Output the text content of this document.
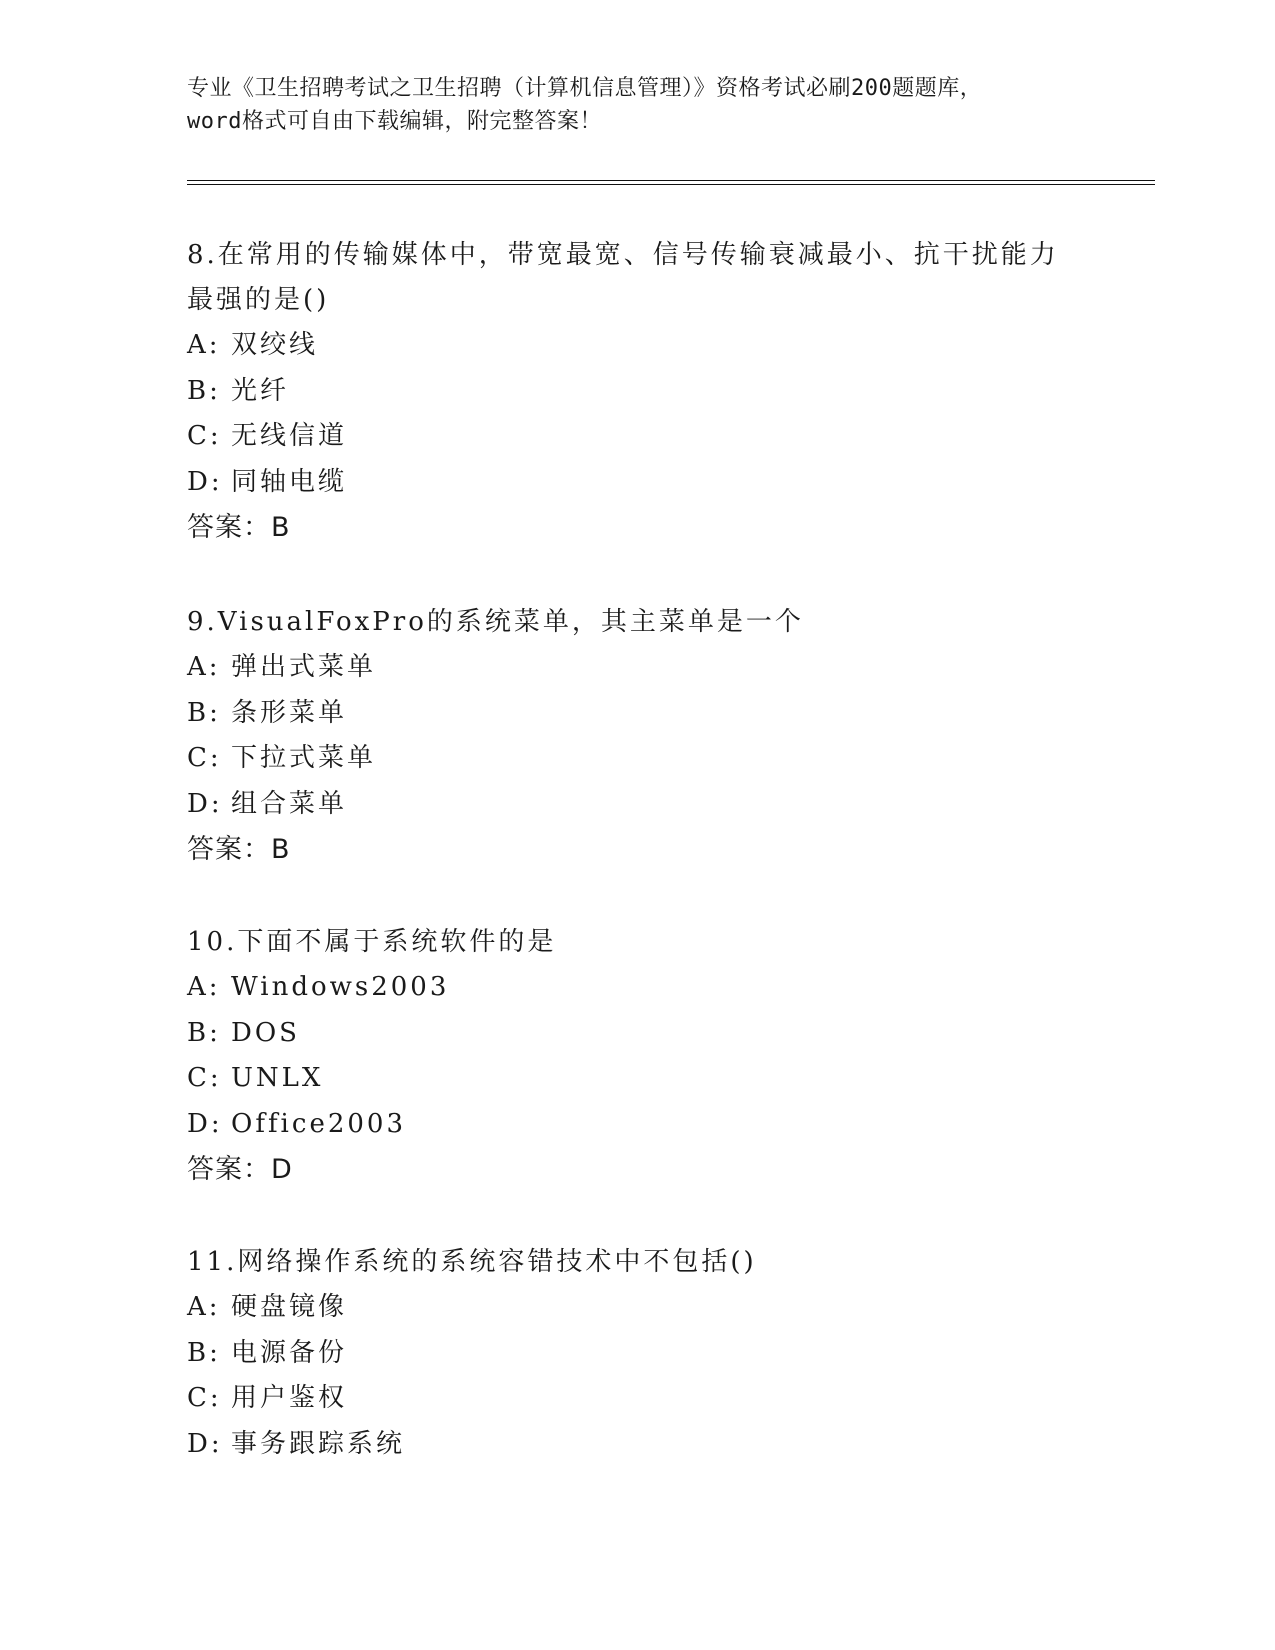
专业《卫生招聘考试之卫生招聘（计算机信息管理）》资格考试必刷200题题库，
word格式可自由下载编辑，附完整答案！
8.在常用的传输媒体中，带宽最宽、信号传输衰减最小、抗干扰能力
最强的是()
A: 双绞线
B: 光纤
C: 无线信道
D: 同轴电缆
答案：B
9.VisualFoxPro的系统菜单，其主菜单是一个
A: 弹出式菜单
B: 条形菜单
C: 下拉式菜单
D: 组合菜单
答案：B
10.下面不属于系统软件的是
A: Windows2003
B: DOS
C: UNLX
D: Office2003
答案：D
11.网络操作系统的系统容错技术中不包括()
A: 硬盘镜像
B: 电源备份
C: 用户鉴权
D: 事务跟踪系统
